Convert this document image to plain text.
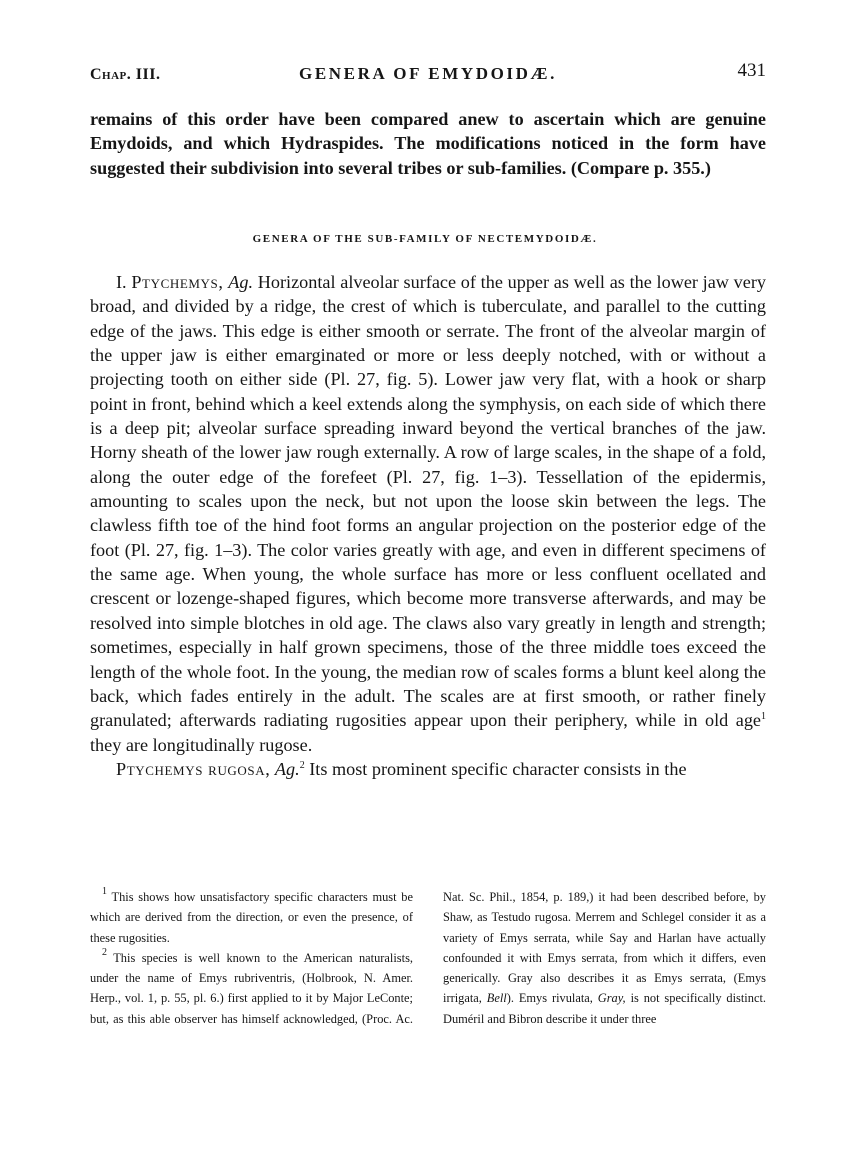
Chap. III.	GENERA OF EMYDOIDÆ.	431

remains of this order have been compared anew to ascertain which are genuine Emydoids, and which Hydraspides. The modifications noticed in the form have suggested their subdivision into several tribes or sub-families. (Compare p. 355.)

GENERA OF THE SUB-FAMILY OF NECTEMYDOIDÆ.

I. Ptychemys, Ag. Horizontal alveolar surface of the upper as well as the lower jaw very broad, and divided by a ridge, the crest of which is tuberculate, and parallel to the cutting edge of the jaws. This edge is either smooth or serrate. The front of the alveolar margin of the upper jaw is either emarginated or more or less deeply notched, with or without a projecting tooth on either side (Pl. 27, fig. 5). Lower jaw very flat, with a hook or sharp point in front, behind which a keel extends along the symphysis, on each side of which there is a deep pit; alveolar surface spreading inward beyond the vertical branches of the jaw. Horny sheath of the lower jaw rough externally. A row of large scales, in the shape of a fold, along the outer edge of the forefeet (Pl. 27, fig. 1–3). Tessellation of the epidermis, amounting to scales upon the neck, but not upon the loose skin between the legs. The clawless fifth toe of the hind foot forms an angular projection on the posterior edge of the foot (Pl. 27, fig. 1–3). The color varies greatly with age, and even in different specimens of the same age. When young, the whole surface has more or less confluent ocellated and crescent or lozenge-shaped figures, which become more transverse afterwards, and may be resolved into simple blotches in old age. The claws also vary greatly in length and strength; sometimes, especially in half grown specimens, those of the three middle toes exceed the length of the whole foot. In the young, the median row of scales forms a blunt keel along the back, which fades entirely in the adult. The scales are at first smooth, or rather finely granulated; afterwards radiating rugosities appear upon their periphery, while in old age$^1$ they are longitudinally rugose.

Ptychemys rugosa, Ag.$^2$ Its most prominent specific character consists in the

$^1$ This shows how unsatisfactory specific characters must be which are derived from the direction, or even the presence, of these rugosities.

$^2$ This species is well known to the American naturalists, under the name of Emys rubriventris, (Holbrook, N. Amer. Herp., vol. 1, p. 55, pl. 6.) first applied to it by Major LeConte; but, as this able observer has himself acknowledged, (Proc. Ac. Nat. Sc. Phil., 1854, p. 189,) it had been described before, by Shaw, as Testudo rugosa. Merrem and Schlegel consider it as a variety of Emys serrata, while Say and Harlan have actually confounded it with Emys serrata, from which it differs, even generically. Gray also describes it as Emys serrata, (Emys irrigata, Bell). Emys rivulata, Gray, is not specifically distinct. Duméril and Bibron describe it under three
